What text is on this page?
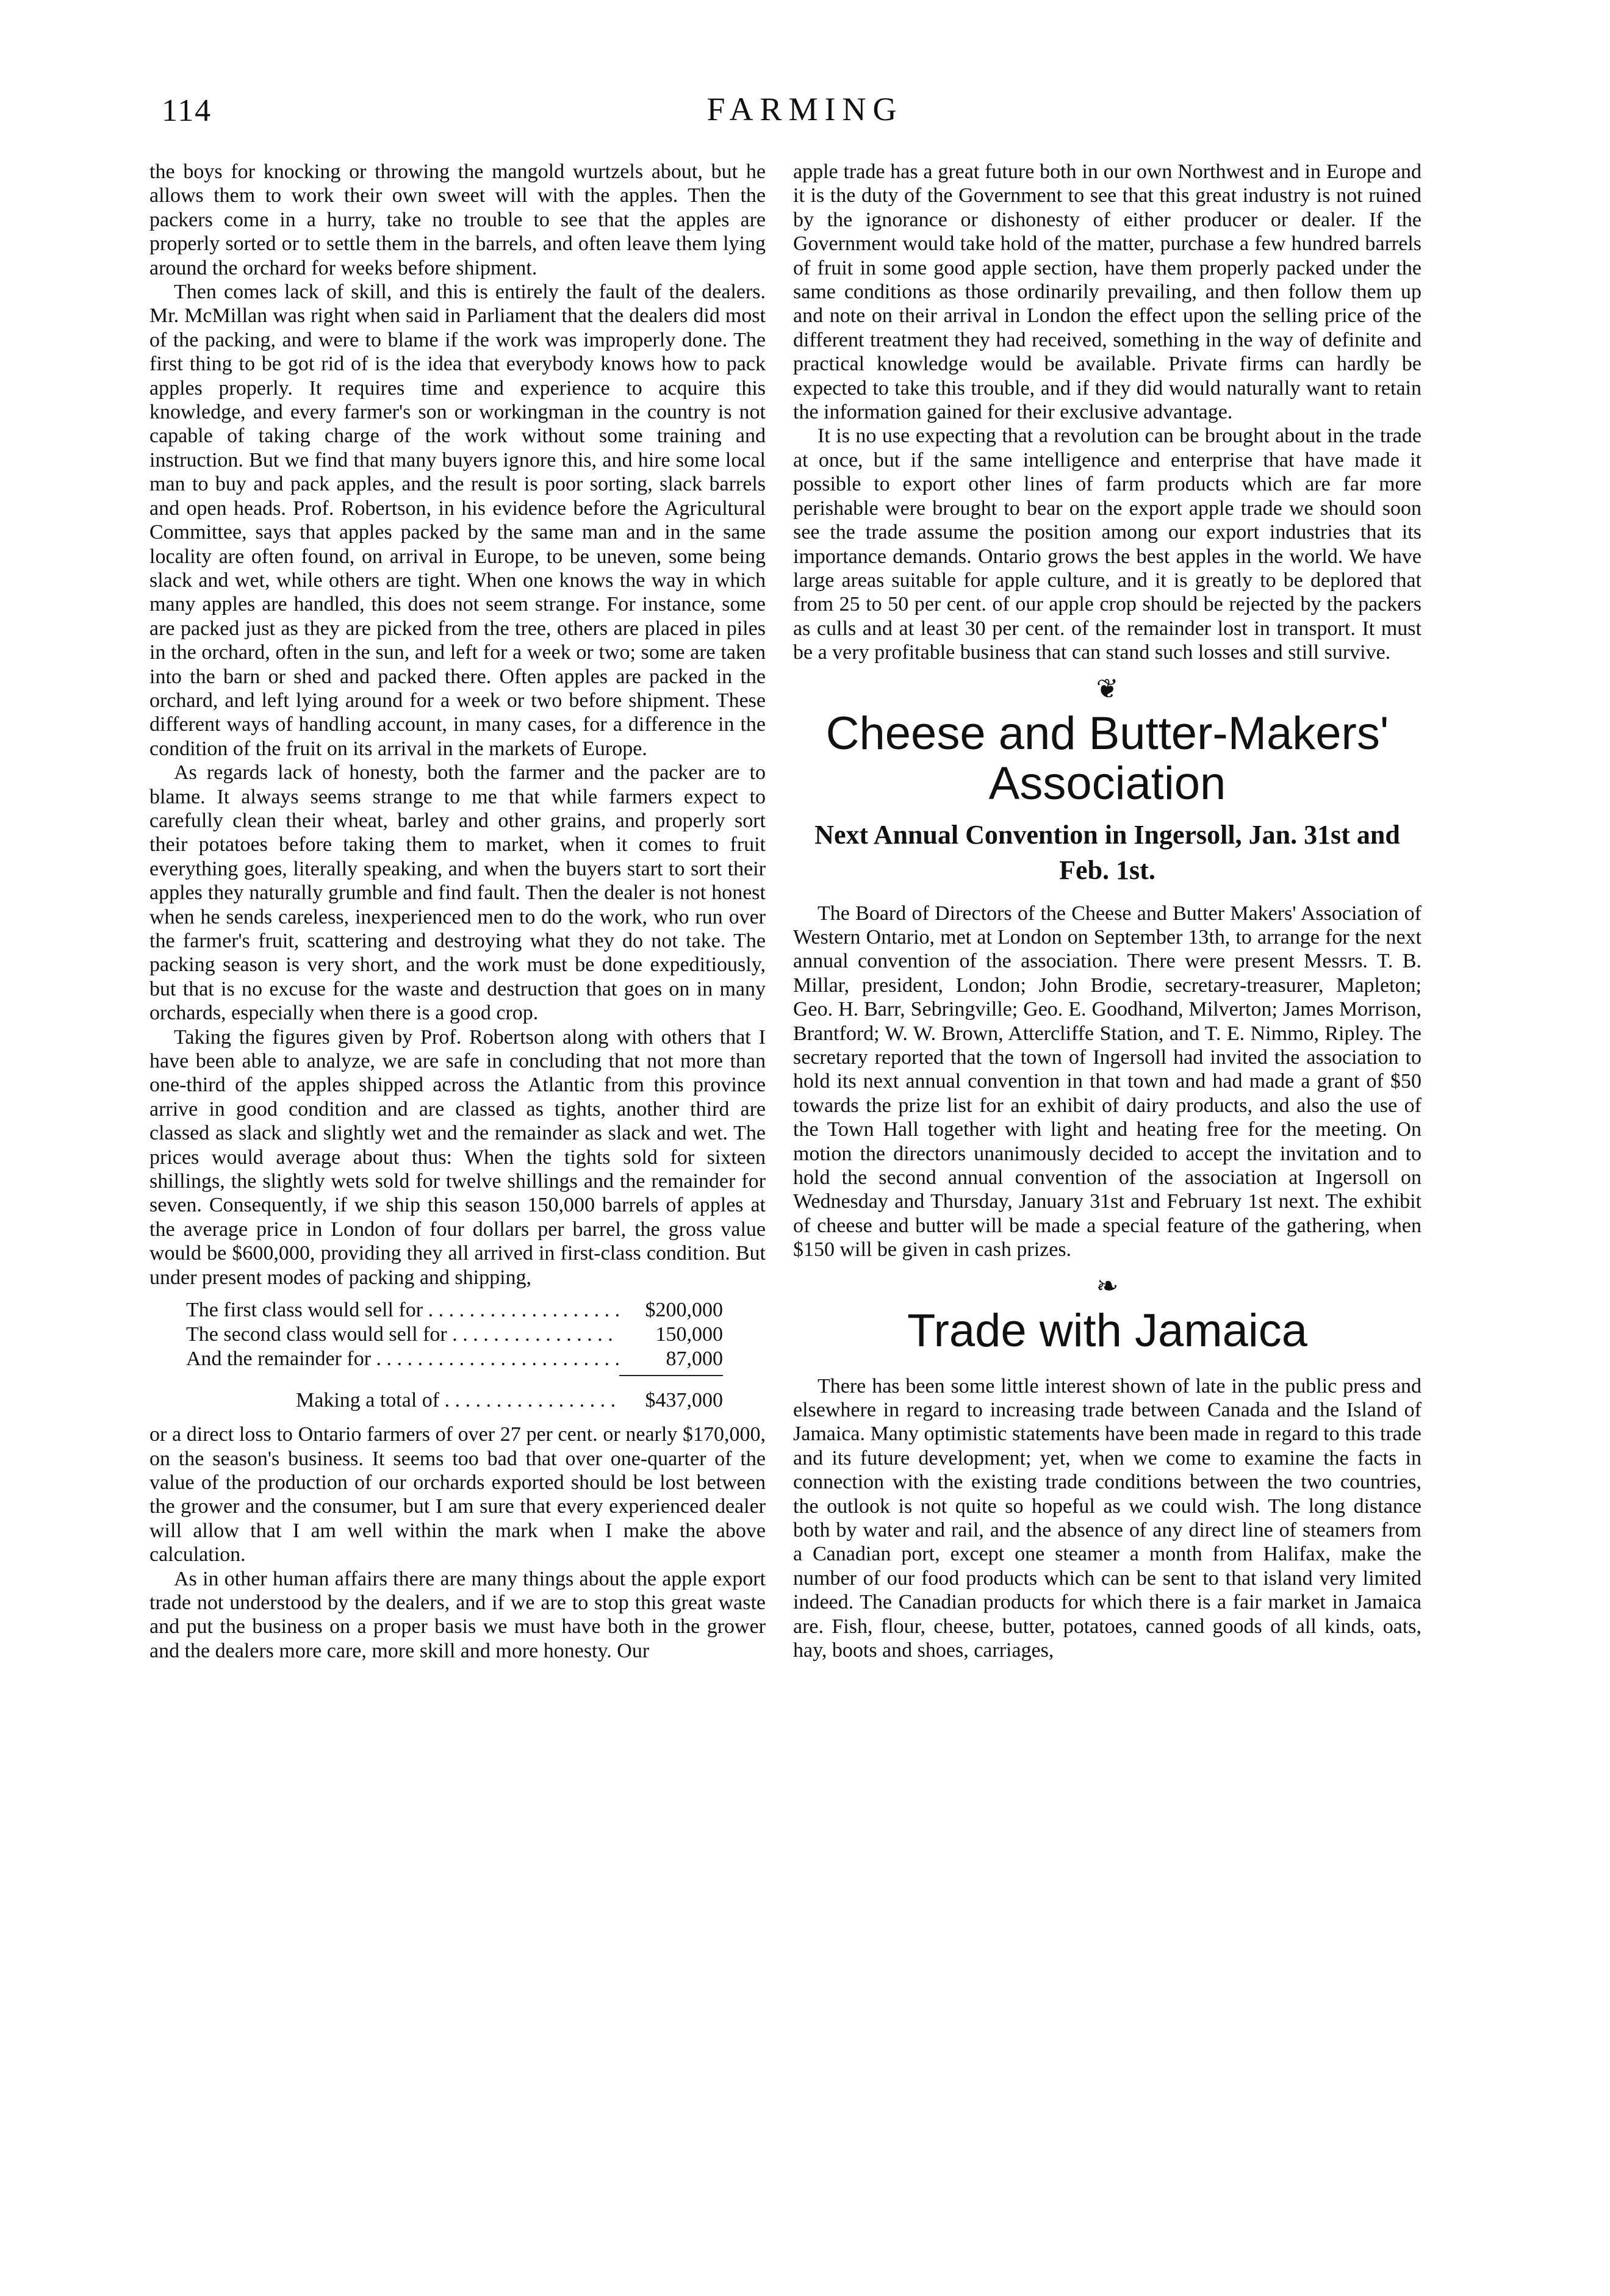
114	FARMING

the boys for knocking or throwing the mangold wurtzels about, but he allows them to work their own sweet will with the apples. Then the packers come in a hurry, take no trouble to see that the apples are properly sorted or to settle them in the barrels, and often leave them lying around the orchard for weeks before shipment.

Then comes lack of skill, and this is entirely the fault of the dealers. Mr. McMillan was right when said in Parliament that the dealers did most of the packing, and were to blame if the work was improperly done. The first thing to be got rid of is the idea that everybody knows how to pack apples properly. It requires time and experience to acquire this knowledge, and every farmer's son or workingman in the country is not capable of taking charge of the work without some training and instruction. But we find that many buyers ignore this, and hire some local man to buy and pack apples, and the result is poor sorting, slack barrels and open heads. Prof. Robertson, in his evidence before the Agricultural Committee, says that apples packed by the same man and in the same locality are often found, on arrival in Europe, to be uneven, some being slack and wet, while others are tight. When one knows the way in which many apples are handled, this does not seem strange. For instance, some are packed just as they are picked from the tree, others are placed in piles in the orchard, often in the sun, and left for a week or two; some are taken into the barn or shed and packed there. Often apples are packed in the orchard, and left lying around for a week or two before shipment. These different ways of handling account, in many cases, for a difference in the condition of the fruit on its arrival in the markets of Europe.

As regards lack of honesty, both the farmer and the packer are to blame. It always seems strange to me that while farmers expect to carefully clean their wheat, barley and other grains, and properly sort their potatoes before taking them to market, when it comes to fruit everything goes, literally speaking, and when the buyers start to sort their apples they naturally grumble and find fault. Then the dealer is not honest when he sends careless, inexperienced men to do the work, who run over the farmer's fruit, scattering and destroying what they do not take. The packing season is very short, and the work must be done expeditiously, but that is no excuse for the waste and destruction that goes on in many orchards, especially when there is a good crop.

Taking the figures given by Prof. Robertson along with others that I have been able to analyze, we are safe in concluding that not more than one-third of the apples shipped across the Atlantic from this province arrive in good condition and are classed as tights, another third are classed as slack and slightly wet and the remainder as slack and wet. The prices would average about thus: When the tights sold for sixteen shillings, the slightly wets sold for twelve shillings and the remainder for seven. Consequently, if we ship this season 150,000 barrels of apples at the average price in London of four dollars per barrel, the gross value would be $600,000, providing they all arrived in first-class condition. But under present modes of packing and shipping,

The first class would sell for . . .	$200,000
The second class would sell for . . .	150,000
And the remainder for . . .	87,000
Making a total of . . .	$437,000

or a direct loss to Ontario farmers of over 27 per cent. or nearly $170,000, on the season's business. It seems too bad that over one-quarter of the value of the production of our orchards exported should be lost between the grower and the consumer, but I am sure that every experienced dealer will allow that I am well within the mark when I make the above calculation.

As in other human affairs there are many things about the apple export trade not understood by the dealers, and if we are to stop this great waste and put the business on a proper basis we must have both in the grower and the dealers more care, more skill and more honesty. Our

apple trade has a great future both in our own Northwest and in Europe and it is the duty of the Government to see that this great industry is not ruined by the ignorance or dishonesty of either producer or dealer. If the Government would take hold of the matter, purchase a few hundred barrels of fruit in some good apple section, have them properly packed under the same conditions as those ordinarily prevailing, and then follow them up and note on their arrival in London the effect upon the selling price of the different treatment they had received, something in the way of definite and practical knowledge would be available. Private firms can hardly be expected to take this trouble, and if they did would naturally want to retain the information gained for their exclusive advantage.

It is no use expecting that a revolution can be brought about in the trade at once, but if the same intelligence and enterprise that have made it possible to export other lines of farm products which are far more perishable were brought to bear on the export apple trade we should soon see the trade assume the position among our export industries that its importance demands. Ontario grows the best apples in the world. We have large areas suitable for apple culture, and it is greatly to be deplored that from 25 to 50 per cent. of our apple crop should be rejected by the packers as culls and at least 30 per cent. of the remainder lost in transport. It must be a very profitable business that can stand such losses and still survive.

❦
Cheese and Butter-Makers' Association
Next Annual Convention in Ingersoll, Jan. 31st and Feb. 1st.

The Board of Directors of the Cheese and Butter Makers' Association of Western Ontario, met at London on September 13th, to arrange for the next annual convention of the association. There were present Messrs. T. B. Millar, president, London; John Brodie, secretary-treasurer, Mapleton; Geo. H. Barr, Sebringville; Geo. E. Goodhand, Milverton; James Morrison, Brantford; W. W. Brown, Attercliffe Station, and T. E. Nimmo, Ripley. The secretary reported that the town of Ingersoll had invited the association to hold its next annual convention in that town and had made a grant of $50 towards the prize list for an exhibit of dairy products, and also the use of the Town Hall together with light and heating free for the meeting. On motion the directors unanimously decided to accept the invitation and to hold the second annual convention of the association at Ingersoll on Wednesday and Thursday, January 31st and February 1st next. The exhibit of cheese and butter will be made a special feature of the gathering, when $150 will be given in cash prizes.

❧
Trade with Jamaica

There has been some little interest shown of late in the public press and elsewhere in regard to increasing trade between Canada and the Island of Jamaica. Many optimistic statements have been made in regard to this trade and its future development; yet, when we come to examine the facts in connection with the existing trade conditions between the two countries, the outlook is not quite so hopeful as we could wish. The long distance both by water and rail, and the absence of any direct line of steamers from a Canadian port, except one steamer a month from Halifax, make the number of our food products which can be sent to that island very limited indeed. The Canadian products for which there is a fair market in Jamaica are. Fish, flour, cheese, butter, potatoes, canned goods of all kinds, oats, hay, boots and shoes, carriages,
